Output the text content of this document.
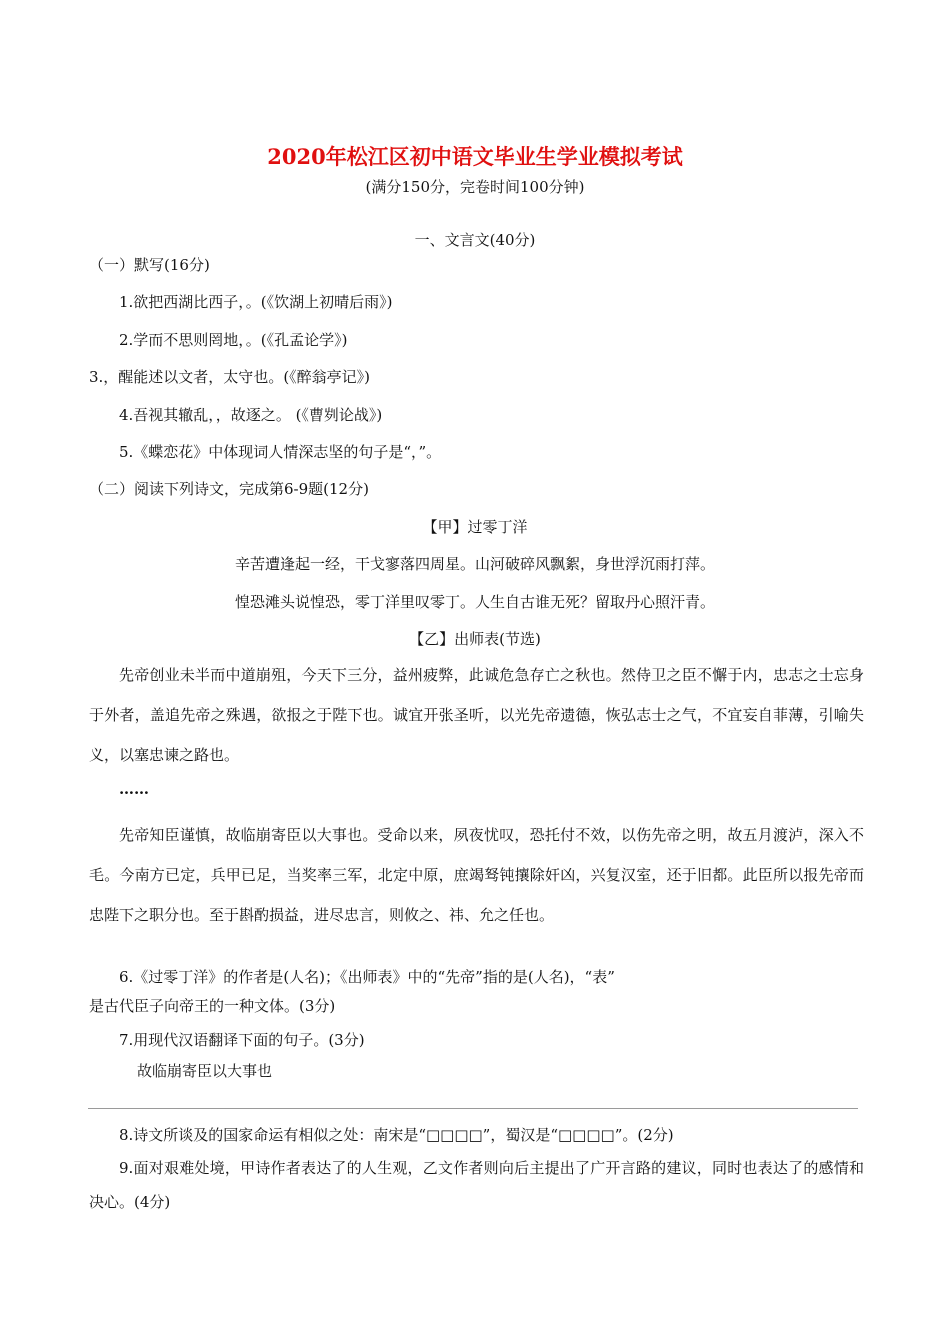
2020年松江区初中语文毕业生学业模拟考试
(满分150分，完卷时间100分钟)
一、文言文(40分)
（一）默写(16分)
1.欲把西湖比西子，。(《饮湖上初晴后雨》)
2.学而不思则罔地，。(《孔孟论学》)
3.，醒能述以文者，太守也。(《醉翁亭记》)
4.吾视其辙乱，，故逐之。 (《曹刿论战》)
5.《蝶恋花》中体现词人情深志坚的句子是“，”。
（二）阅读下列诗文，完成第6-9题(12分)
【甲】过零丁洋
辛苦遭逢起一经，干戈寥落四周星。山河破碎风飘絮，身世浮沉雨打萍。
惶恐滩头说惶恐，零丁洋里叹零丁。人生自古谁无死？留取丹心照汗青。
【乙】出师表(节选)
先帝创业未半而中道崩殂，今天下三分，益州疲弊，此诚危急存亡之秋也。然侍卫之臣不懈于内，忠志之士忘身于外者，盖追先帝之殊遇，欲报之于陛下也。诚宜开张圣听，以光先帝遗德，恢弘志士之气，不宜妄自菲薄，引喻失义，以塞忠谏之路也。
……
先帝知臣谨慎，故临崩寄臣以大事也。受命以来，夙夜忧叹，恐托付不效，以伤先帝之明，故五月渡泸，深入不毛。今南方已定，兵甲已足，当奖率三军，北定中原，庶竭驽钝攘除奸凶，兴复汉室，还于旧都。此臣所以报先帝而忠陛下之职分也。至于斟酌损益，进尽忠言，则攸之、祎、允之任也。
6.《过零丁洋》的作者是(人名)；《出师表》中的“先帝”指的是(人名)，“表”
是古代臣子向帝王的一种文体。(3分)
7.用现代汉语翻译下面的句子。(3分)
故临崩寄臣以大事也
8.诗文所谈及的国家命运有相似之处：南宋是“□□□□”，蜀汉是“□□□□”。(2分)
9.面对艰难处境，甲诗作者表达了的人生观，乙文作者则向后主提出了广开言路的建议，同时也表达了的感情和决心。(4分)
